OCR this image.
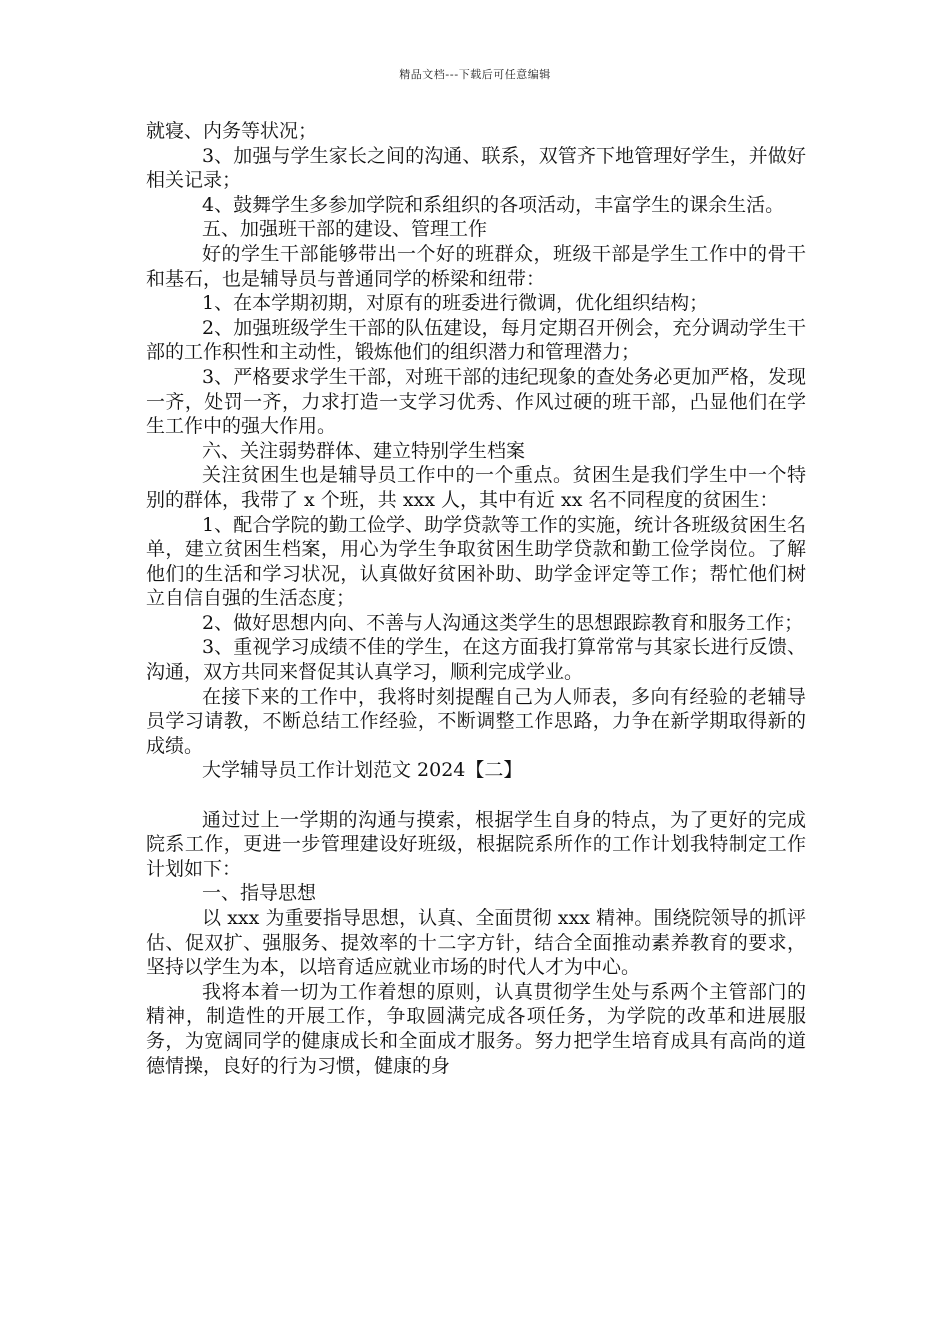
精品文档---下载后可任意编辑

就寝、内务等状况；

3、加强与学生家长之间的沟通、联系，双管齐下地管理好学生，并做好相关记录；

4、鼓舞学生多参加学院和系组织的各项活动，丰富学生的课余生活。

五、加强班干部的建设、管理工作

好的学生干部能够带出一个好的班群众，班级干部是学生工作中的骨干和基石，也是辅导员与普通同学的桥梁和纽带：

1、在本学期初期，对原有的班委进行微调，优化组织结构；

2、加强班级学生干部的队伍建设，每月定期召开例会，充分调动学生干部的工作积性和主动性，锻炼他们的组织潜力和管理潜力；

3、严格要求学生干部，对班干部的违纪现象的查处务必更加严格，发现一齐，处罚一齐，力求打造一支学习优秀、作风过硬的班干部，凸显他们在学生工作中的强大作用。

六、关注弱势群体、建立特别学生档案

关注贫困生也是辅导员工作中的一个重点。贫困生是我们学生中一个特别的群体，我带了 x 个班，共 xxx 人，其中有近 xx 名不同程度的贫困生：

1、配合学院的勤工俭学、助学贷款等工作的实施，统计各班级贫困生名单，建立贫困生档案，用心为学生争取贫困生助学贷款和勤工俭学岗位。了解他们的生活和学习状况，认真做好贫困补助、助学金评定等工作；帮忙他们树立自信自强的生活态度；

2、做好思想内向、不善与人沟通这类学生的思想跟踪教育和服务工作；

3、重视学习成绩不佳的学生，在这方面我打算常常与其家长进行反馈、沟通，双方共同来督促其认真学习，顺利完成学业。

在接下来的工作中，我将时刻提醒自己为人师表，多向有经验的老辅导员学习请教，不断总结工作经验，不断调整工作思路，力争在新学期取得新的成绩。

大学辅导员工作计划范文 2024【二】

通过过上一学期的沟通与摸索，根据学生自身的特点，为了更好的完成院系工作，更进一步管理建设好班级，根据院系所作的工作计划我特制定工作计划如下：

一、指导思想

以 xxx 为重要指导思想，认真、全面贯彻 xxx 精神。围绕院领导的抓评估、促双扩、强服务、提效率的十二字方针，结合全面推动素养教育的要求，坚持以学生为本，以培育适应就业市场的时代人才为中心。

我将本着一切为工作着想的原则，认真贯彻学生处与系两个主管部门的精神，制造性的开展工作，争取圆满完成各项任务，为学院的改革和进展服务，为宽阔同学的健康成长和全面成才服务。努力把学生培育成具有高尚的道德情操，良好的行为习惯，健康的身
